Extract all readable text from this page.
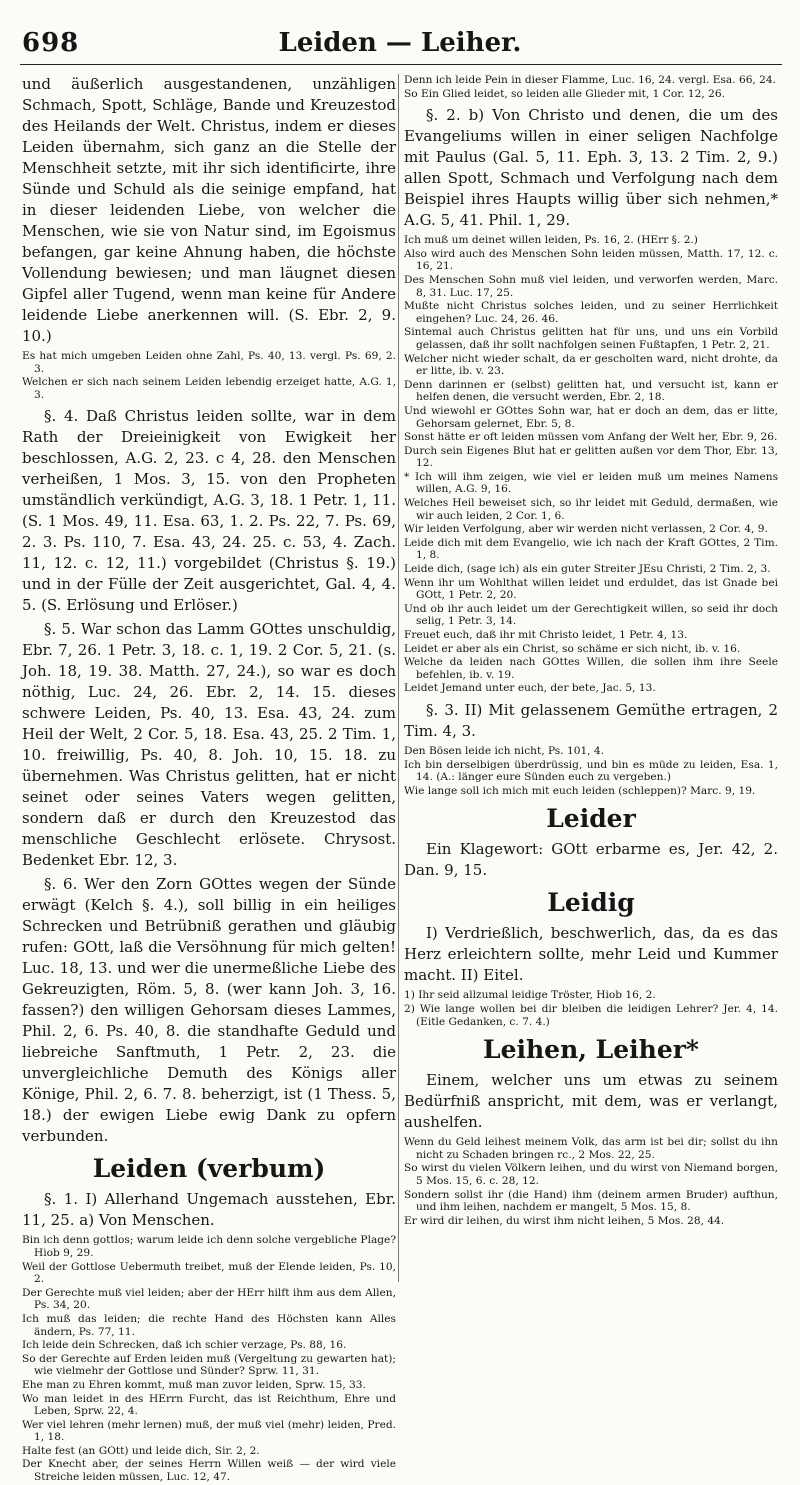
698	Leiden — Leiher.

und äußerlich ausgestandenen, unzähligen Schmach, Spott, Schläge, Bande und Kreuzestod des Heilands der Welt. Christus, indem er dieses Leiden übernahm, sich ganz an die Stelle der Menschheit setzte, mit ihr sich identificirte, ihre Sünde und Schuld als die seinige empfand, hat in dieser leidenden Liebe, von welcher die Menschen, wie sie von Natur sind, im Egoismus befangen, gar keine Ahnung haben, die höchste Vollendung bewiesen; und man läugnet diesen Gipfel aller Tugend, wenn man keine für Andere leidende Liebe anerkennen will. (S. Ebr. 2, 9. 10.)

Es hat mich umgeben Leiden ohne Zahl, Ps. 40, 13. vergl. Ps. 69, 2. 3.

Welchen er sich nach seinem Leiden lebendig erzeiget hatte, A.G. 1, 3.

§. 4. Daß Christus leiden sollte, war in dem Rath der Dreieinigkeit von Ewigkeit her beschlossen, A.G. 2, 23. c 4, 28. den Menschen verheißen, 1 Mos. 3, 15. von den Propheten umständlich verkündigt, A.G. 3, 18. 1 Petr. 1, 11. (S. 1 Mos. 49, 11. Esa. 63, 1. 2. Ps. 22, 7. Ps. 69, 2. 3. Ps. 110, 7. Esa. 43, 24. 25. c. 53, 4. Zach. 11, 12. c. 12, 11.) vorgebildet (Christus §. 19.) und in der Fülle der Zeit ausgerichtet, Gal. 4, 4. 5. (S. Erlösung und Erlöser.)

§. 5. War schon das Lamm GOttes unschuldig, Ebr. 7, 26. 1 Petr. 3, 18. c. 1, 19. 2 Cor. 5, 21. (s. Joh. 18, 19. 38. Matth. 27, 24.), so war es doch nöthig, Luc. 24, 26. Ebr. 2, 14. 15. dieses schwere Leiden, Ps. 40, 13. Esa. 43, 24. zum Heil der Welt, 2 Cor. 5, 18. Esa. 43, 25. 2 Tim. 1, 10. freiwillig, Ps. 40, 8. Joh. 10, 15. 18. zu übernehmen. Was Christus gelitten, hat er nicht seinet oder seines Vaters wegen gelitten, sondern daß er durch den Kreuzestod das menschliche Geschlecht erlösete. Chrysost. Bedenket Ebr. 12, 3.

§. 6. Wer den Zorn GOttes wegen der Sünde erwägt (Kelch §. 4.), soll billig in ein heiliges Schrecken und Betrübniß gerathen und gläubig rufen: GOtt, laß die Versöhnung für mich gelten! Luc. 18, 13. und wer die unermeßliche Liebe des Gekreuzigten, Röm. 5, 8. (wer kann Joh. 3, 16. fassen?) den willigen Gehorsam dieses Lammes, Phil. 2, 6. Ps. 40, 8. die standhafte Geduld und liebreiche Sanftmuth, 1 Petr. 2, 23. die unvergleichliche Demuth des Königs aller Könige, Phil. 2, 6. 7. 8. beherzigt, ist (1 Thess. 5, 18.) der ewigen Liebe ewig Dank zu opfern verbunden.

Leiden (verbum)

§. 1. I) Allerhand Ungemach ausstehen, Ebr. 11, 25. a) Von Menschen.

Bin ich denn gottlos; warum leide ich denn solche vergebliche Plage? Hiob 9, 29.

Weil der Gottlose Uebermuth treibet, muß der Elende leiden, Ps. 10, 2.

Der Gerechte muß viel leiden; aber der HErr hilft ihm aus dem Allen, Ps. 34, 20.

Ich muß das leiden; die rechte Hand des Höchsten kann Alles ändern, Ps. 77, 11.

Ich leide dein Schrecken, daß ich schier verzage, Ps. 88, 16.

So der Gerechte auf Erden leiden muß (Vergeltung zu gewarten hat); wie vielmehr der Gottlose und Sünder? Sprw. 11, 31.

Ehe man zu Ehren kommt, muß man zuvor leiden, Sprw. 15, 33.

Wo man leidet in des HErrn Furcht, das ist Reichthum, Ehre und Leben, Sprw. 22, 4.

Wer viel lehren (mehr lernen) muß, der muß viel (mehr) leiden, Pred. 1, 18.

Halte fest (an GOtt) und leide dich, Sir. 2, 2.

Der Knecht aber, der seines Herrn Willen weiß — der wird viele Streiche leiden müssen, Luc. 12, 47.

Denn ich leide Pein in dieser Flamme, Luc. 16, 24. vergl. Esa. 66, 24.

So Ein Glied leidet, so leiden alle Glieder mit, 1 Cor. 12, 26.

§. 2. b) Von Christo und denen, die um des Evangeliums willen in einer seligen Nachfolge mit Paulus (Gal. 5, 11. Eph. 3, 13. 2 Tim. 2, 9.) allen Spott, Schmach und Verfolgung nach dem Beispiel ihres Haupts willig über sich nehmen,* A.G. 5, 41. Phil. 1, 29.

Ich muß um deinet willen leiden, Ps. 16, 2. (HErr §. 2.)

Also wird auch des Menschen Sohn leiden müssen, Matth. 17, 12. c. 16, 21.

Des Menschen Sohn muß viel leiden, und verworfen werden, Marc. 8, 31. Luc. 17, 25.

Mußte nicht Christus solches leiden, und zu seiner Herrlichkeit eingehen? Luc. 24, 26. 46.

Sintemal auch Christus gelitten hat für uns, und uns ein Vorbild gelassen, daß ihr sollt nachfolgen seinen Fußtapfen, 1 Petr. 2, 21.

Welcher nicht wieder schalt, da er gescholten ward, nicht drohte, da er litte, ib. v. 23.

Denn darinnen er (selbst) gelitten hat, und versucht ist, kann er helfen denen, die versucht werden, Ebr. 2, 18.

Und wiewohl er GOttes Sohn war, hat er doch an dem, das er litte, Gehorsam gelernet, Ebr. 5, 8.

Sonst hätte er oft leiden müssen vom Anfang der Welt her, Ebr. 9, 26.

Durch sein Eigenes Blut hat er gelitten außen vor dem Thor, Ebr. 13, 12.

* Ich will ihm zeigen, wie viel er leiden muß um meines Namens willen, A.G. 9, 16.

Welches Heil beweiset sich, so ihr leidet mit Geduld, dermaßen, wie wir auch leiden, 2 Cor. 1, 6.

Wir leiden Verfolgung, aber wir werden nicht verlassen, 2 Cor. 4, 9.

Leide dich mit dem Evangelio, wie ich nach der Kraft GOttes, 2 Tim. 1, 8.

Leide dich, (sage ich) als ein guter Streiter JEsu Christi, 2 Tim. 2, 3.

Wenn ihr um Wohlthat willen leidet und erduldet, das ist Gnade bei GOtt, 1 Petr. 2, 20.

Und ob ihr auch leidet um der Gerechtigkeit willen, so seid ihr doch selig, 1 Petr. 3, 14.

Freuet euch, daß ihr mit Christo leidet, 1 Petr. 4, 13.

Leidet er aber als ein Christ, so schäme er sich nicht, ib. v. 16.

Welche da leiden nach GOttes Willen, die sollen ihm ihre Seele befehlen, ib. v. 19.

Leidet Jemand unter euch, der bete, Jac. 5, 13.

§. 3. II) Mit gelassenem Gemüthe ertragen, 2 Tim. 4, 3.

Den Bösen leide ich nicht, Ps. 101, 4.

Ich bin derselbigen überdrüssig, und bin es müde zu leiden, Esa. 1, 14. (A.: länger eure Sünden euch zu vergeben.)

Wie lange soll ich mich mit euch leiden (schleppen)? Marc. 9, 19.

Leider

Ein Klagewort: GOtt erbarme es, Jer. 42, 2. Dan. 9, 15.

Leidig

I) Verdrießlich, beschwerlich, das, da es das Herz erleichtern sollte, mehr Leid und Kummer macht. II) Eitel.

1) Ihr seid allzumal leidige Tröster, Hiob 16, 2.

2) Wie lange wollen bei dir bleiben die leidigen Lehrer? Jer. 4, 14. (Eitle Gedanken, c. 7. 4.)

Leihen, Leiher*

Einem, welcher uns um etwas zu seinem Bedürfniß anspricht, mit dem, was er verlangt, aushelfen.

Wenn du Geld leihest meinem Volk, das arm ist bei dir; sollst du ihn nicht zu Schaden bringen rc., 2 Mos. 22, 25.

So wirst du vielen Völkern leihen, und du wirst von Niemand borgen, 5 Mos. 15, 6. c. 28, 12.

Sondern sollst ihr (die Hand) ihm (deinem armen Bruder) aufthun, und ihm leihen, nachdem er mangelt, 5 Mos. 15, 8.

Er wird dir leihen, du wirst ihm nicht leihen, 5 Mos. 28, 44.
